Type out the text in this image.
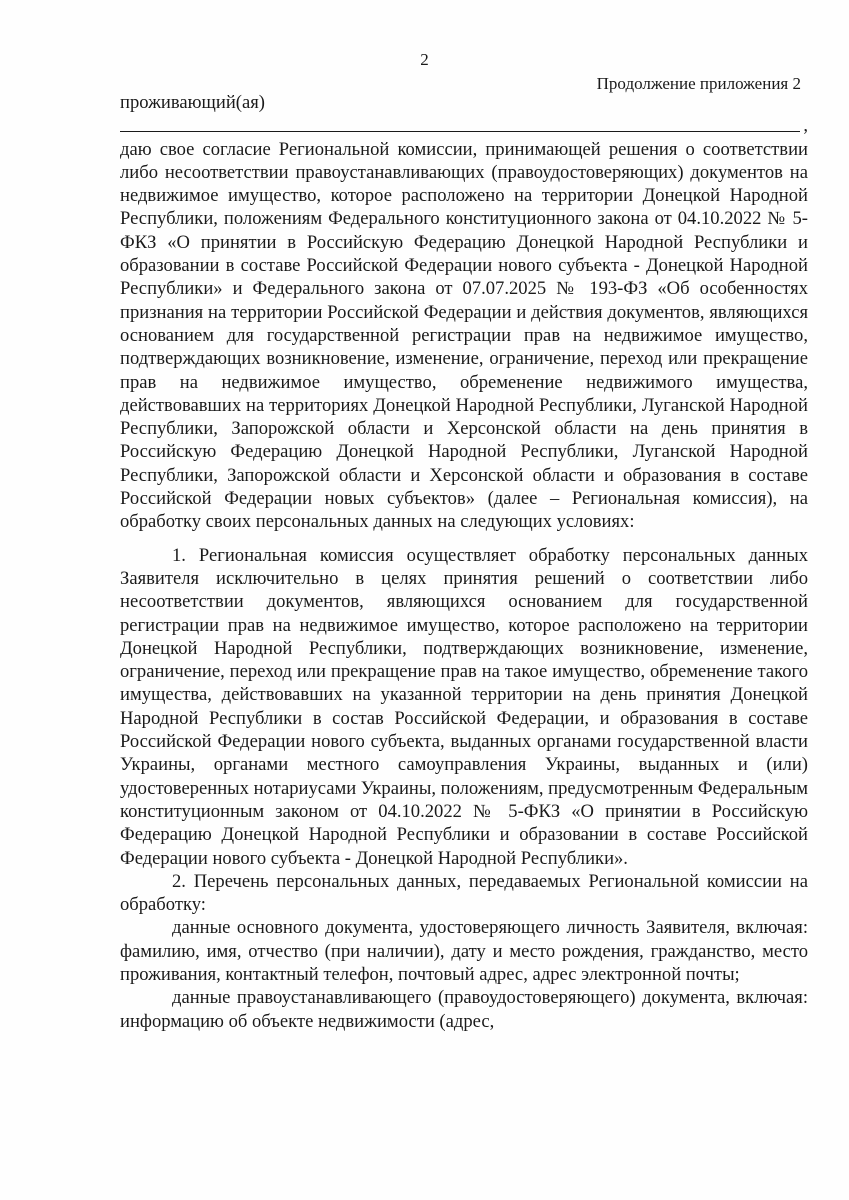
2
Продолжение приложения 2

проживающий(ая)

,

даю свое согласие Региональной комиссии, принимающей решения о соответствии либо несоответствии правоустанавливающих (правоудостоверяющих) документов на недвижимое имущество, которое расположено на территории Донецкой Народной Республики, положениям Федерального конституционного закона от 04.10.2022 № 5-ФКЗ «О принятии в Российскую Федерацию Донецкой Народной Республики и образовании в составе Российской Федерации нового субъекта - Донецкой Народной Республики» и Федерального закона от 07.07.2025 № 193-ФЗ «Об особенностях признания на территории Российской Федерации и действия документов, являющихся основанием для государственной регистрации прав на недвижимое имущество, подтверждающих возникновение, изменение, ограничение, переход или прекращение прав на недвижимое имущество, обременение недвижимого имущества, действовавших на территориях Донецкой Народной Республики, Луганской Народной Республики, Запорожской области и Херсонской области на день принятия в Российскую Федерацию Донецкой Народной Республики, Луганской Народной Республики, Запорожской области и Херсонской области и образования в составе Российской Федерации новых субъектов» (далее – Региональная комиссия), на обработку своих персональных данных на следующих условиях:

1. Региональная комиссия осуществляет обработку персональных данных Заявителя исключительно в целях принятия решений о соответствии либо несоответствии документов, являющихся основанием для государственной регистрации прав на недвижимое имущество, которое расположено на территории Донецкой Народной Республики, подтверждающих возникновение, изменение, ограничение, переход или прекращение прав на такое имущество, обременение такого имущества, действовавших на указанной территории на день принятия Донецкой Народной Республики в состав Российской Федерации, и образования в составе Российской Федерации нового субъекта, выданных органами государственной власти Украины, органами местного самоуправления Украины, выданных и (или) удостоверенных нотариусами Украины, положениям, предусмотренным Федеральным конституционным законом от 04.10.2022 № 5-ФКЗ «О принятии в Российскую Федерацию Донецкой Народной Республики и образовании в составе Российской Федерации нового субъекта - Донецкой Народной Республики».

2. Перечень персональных данных, передаваемых Региональной комиссии на обработку:

данные основного документа, удостоверяющего личность Заявителя, включая: фамилию, имя, отчество (при наличии), дату и место рождения, гражданство, место проживания, контактный телефон, почтовый адрес, адрес электронной почты;

данные правоустанавливающего (правоудостоверяющего) документа, включая: информацию об объекте недвижимости (адрес,
